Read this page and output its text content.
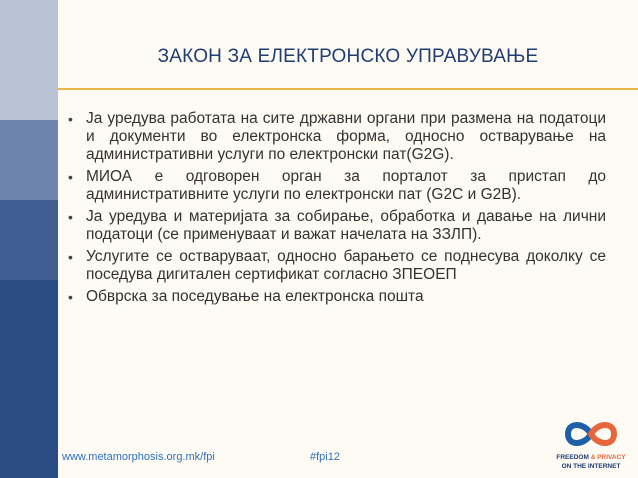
ЗАКОН ЗА ЕЛЕКТРОНСКО УПРАВУВАЊЕ
• Ја уредува работата на сите државни органи при размена на податоци и документи во електронска форма, односно остварување на административни услуги по електронски пат(G2G).
• МИОА е одговорен орган за порталот за пристап до административните услуги по електронски пат (G2C и G2B).
• Ја уредува и материјата за собирање, обработка и давање на лични податоци (се применуваат и важат начелата на ЗЗЛП).
• Услугите се остваруваат, односно барањето се поднесува доколку се поседува дигитален сертификат согласно ЗПЕОЕП
• Обврска за поседување на електронска пошта
www.metamorphosis.org.mk/fpi	#fpi12	FREEDOM & PRIVACY
ON THE INTERNET
